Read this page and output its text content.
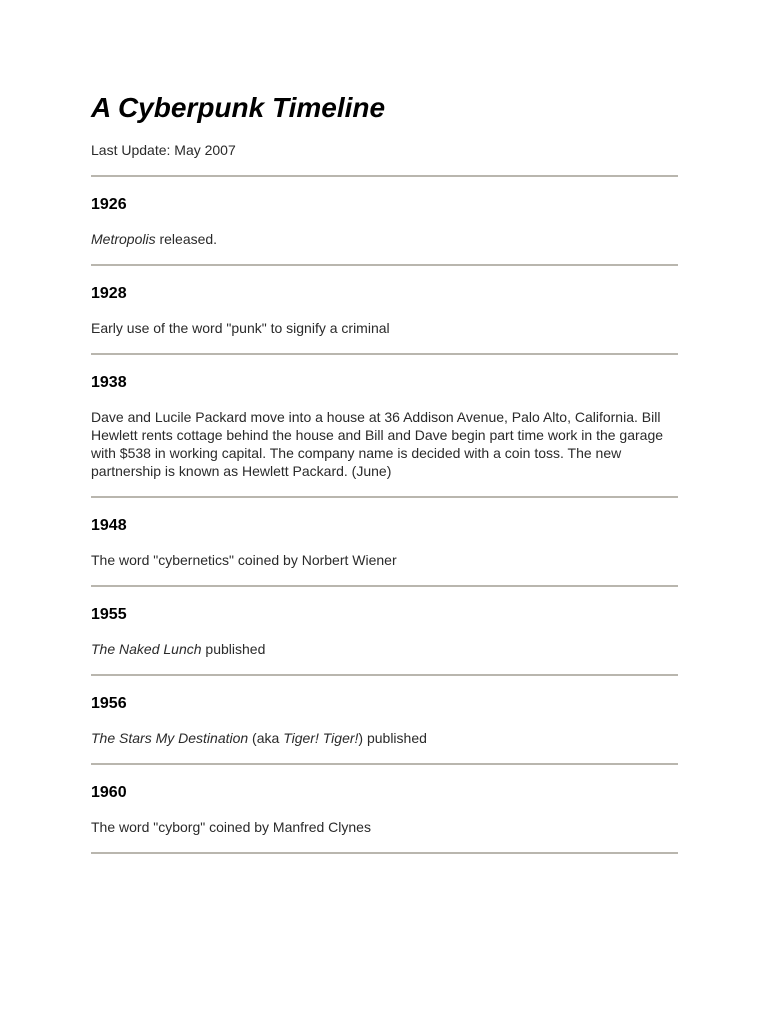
A Cyberpunk Timeline

Last Update: May 2007

1926
Metropolis released.
1928
Early use of the word "punk" to signify a criminal
1938
Dave and Lucile Packard move into a house at 36 Addison Avenue, Palo Alto, California. Bill Hewlett rents cottage behind the house and Bill and Dave begin part time work in the garage with $538 in working capital. The company name is decided with a coin toss. The new partnership is known as Hewlett Packard. (June)
1948
The word "cybernetics" coined by Norbert Wiener
1955
The Naked Lunch published
1956
The Stars My Destination (aka Tiger! Tiger!) published
1960
The word "cyborg" coined by Manfred Clynes
